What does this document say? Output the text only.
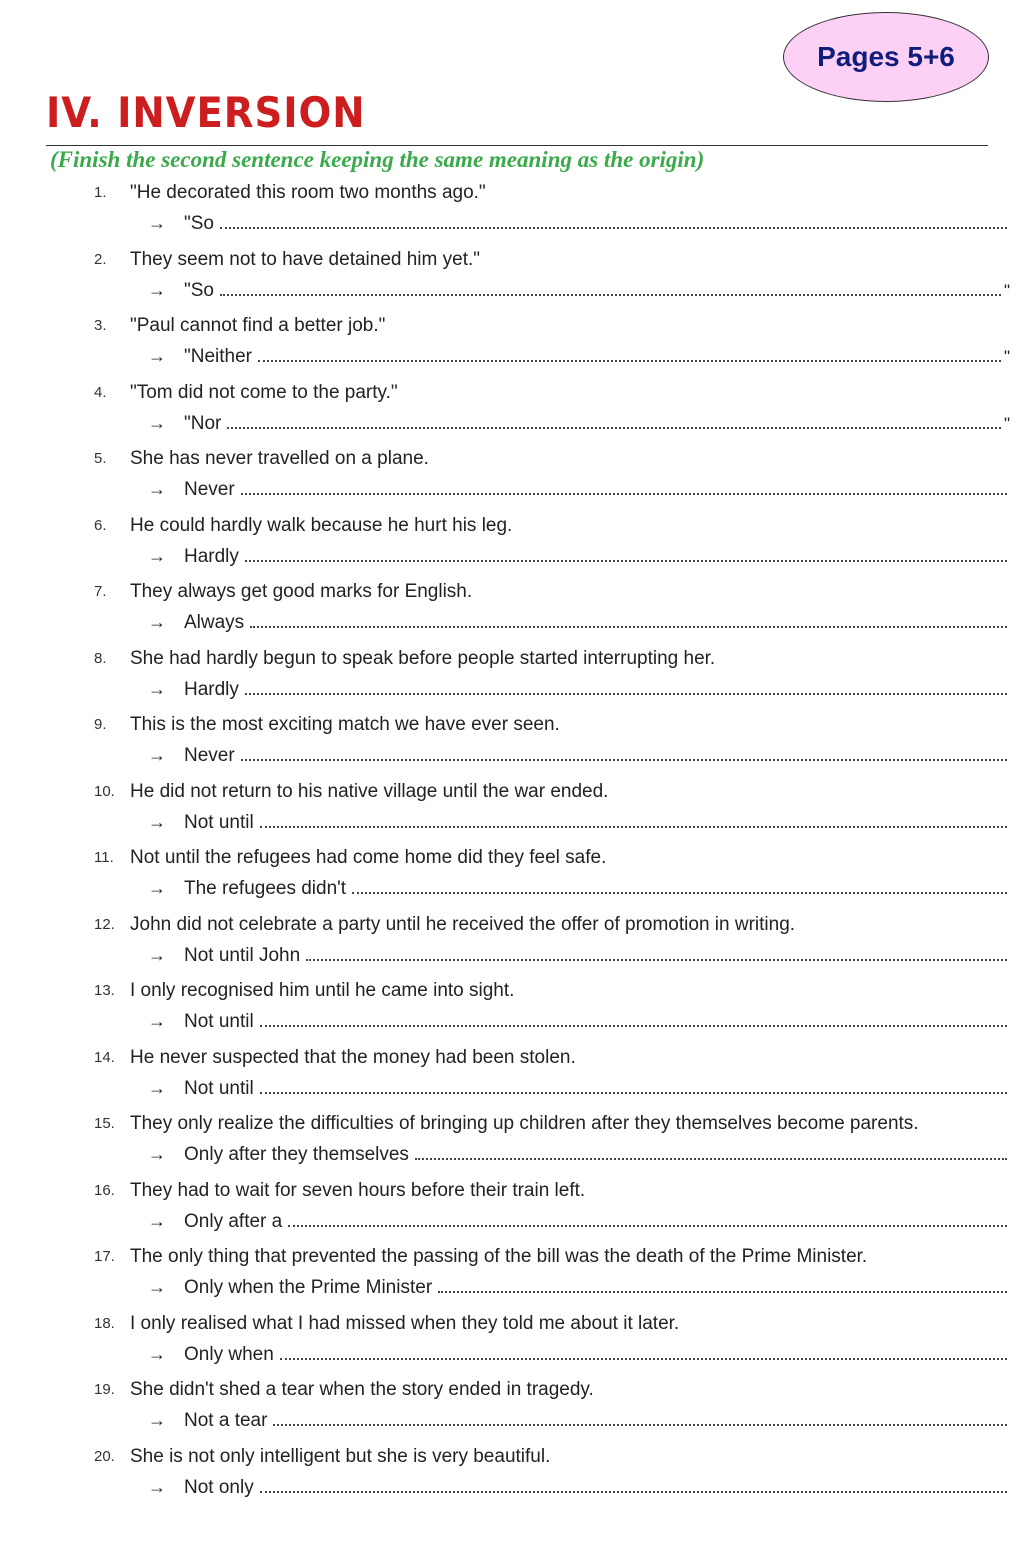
Pages 5+6
IV. INVERSION
(Finish the second sentence keeping the same meaning as the origin)
1. "He decorated this room two months ago."
→ "So
2. They seem not to have detained him yet."
→ "So	"
3. "Paul cannot find a better job."
→ "Neither	"
4. "Tom did not come to the party."
→ "Nor	"
5. She has never travelled on a plane.
→ Never
6. He could hardly walk because he hurt his leg.
→ Hardly
7. They always get good marks for English.
→ Always
8. She had hardly begun to speak before people started interrupting her.
→ Hardly
9. This is the most exciting match we have ever seen.
→ Never
10. He did not return to his native village until the war ended.
→ Not until
11. Not until the refugees had come home did they feel safe.
→ The refugees didn't
12. John did not celebrate a party until he received the offer of promotion in writing.
→ Not until John
13. I only recognised him until he came into sight.
→ Not until
14. He never suspected that the money had been stolen.
→ Not until
15. They only realize the difficulties of bringing up children after they themselves become parents.
→ Only after they themselves
16. They had to wait for seven hours before their train left.
→ Only after a
17. The only thing that prevented the passing of the bill was the death of the Prime Minister.
→ Only when the Prime Minister
18. I only realised what I had missed when they told me about it later.
→ Only when
19. She didn't shed a tear when the story ended in tragedy.
→ Not a tear
20. She is not only intelligent but she is very beautiful.
→ Not only
